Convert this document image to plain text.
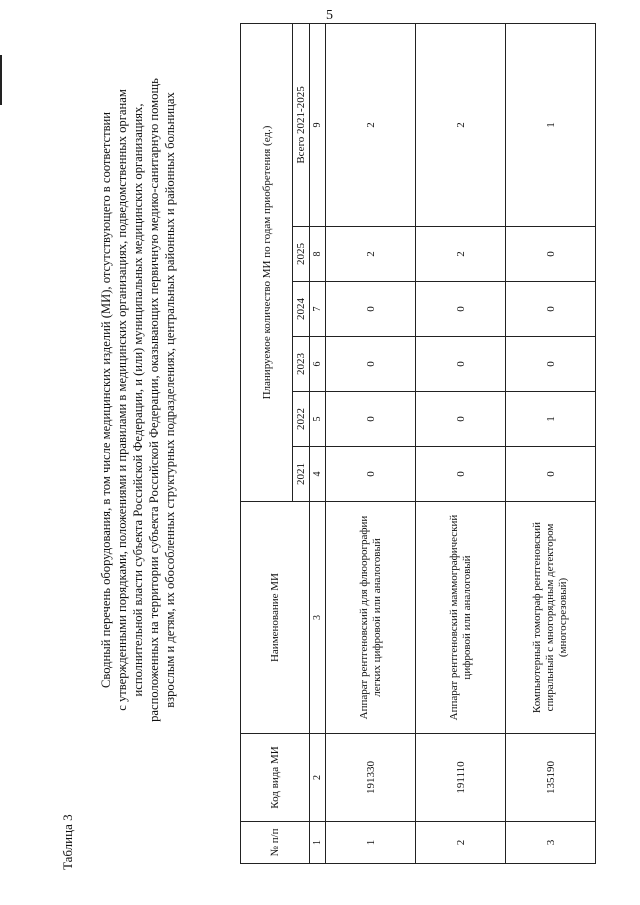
5
Таблица 3
Сводный перечень оборудования, в том числе медицинских изделий (МИ), отсутствующего в соответствии с утвержденными порядками, положениями и правилами в медицинских организациях, подведомственных органам исполнительной власти субъекта Российской Федерации, и (или) муниципальных медицинских организациях, расположенных на территории субъекта Российской Федерации, оказывающих первичную медико-санитарную помощь взрослым и детям, их обособленных структурных подразделениях, центральных районных и районных больницах
№ п/п	Код вида МИ	Наименование МИ	Планируемое количество МИ по годам приобретения (ед.)					
			2021	2022	2023	2024	2025	Всего 2021-2025
1	2	3	4	5	6	7	8	9
1	191330	Аппарат рентгеновский для флюорографии легких цифровой или аналоговый	0	0	0	0	2	2
2	191110	Аппарат рентгеновский маммографический цифровой или аналоговый	0	0	0	0	2	2
3	135190	Компьютерный томограф рентгеновский спиральный с многорядным детектором (многосрезовый)	0	1	0	0	0	1
